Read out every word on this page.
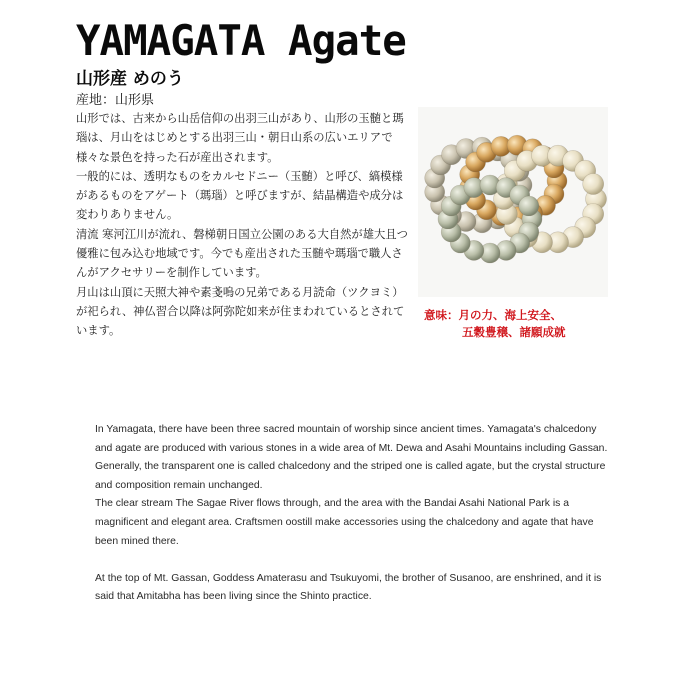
YAMAGATA Agate
山形産 めのう
産地：山形県

山形では、古来から山岳信仰の出羽三山があり、山形の玉髄と瑪瑙は、月山をはじめとする出羽三山・朝日山系の広いエリアで様々な景色を持った石が産出されます。

一般的には、透明なものをカルセドニー（玉髄）と呼び、縞模様があるものをアゲート（瑪瑙）と呼びますが、結晶構造や成分は変わりありません。

清流 寒河江川が流れ、磐梯朝日国立公園のある大自然が雄大且つ優雅に包み込む地域です。今でも産出された玉髄や瑪瑙で職人さんがアクセサリーを制作しています。

月山は山頂に天照大神や素戔嗚の兄弟である月読命（ツクヨミ）が祀られ、神仏習合以降は阿弥陀如来が住まわれているとされています。

意味：月の力、海上安全、
五穀豊穣、諸願成就

In Yamagata, there have been three sacred mountain of worship since ancient times. Yamagata's chalcedony and agate are produced with various stones in a wide area of Mt. Dewa and Asahi Mountains including Gassan.

Generally, the transparent one is called chalcedony and the striped one is called agate, but the crystal structure and composition remain unchanged.

The clear stream The Sagae River flows through, and the area with the Bandai Asahi National Park is a magnificent and elegant area. Craftsmen oostill make accessories using the chalcedony and agate that have been mined there.

At the top of Mt. Gassan, Goddess Amaterasu and Tsukuyomi, the brother of Susanoo, are enshrined, and it is said that Amitabha has been living since the Shinto practice.
